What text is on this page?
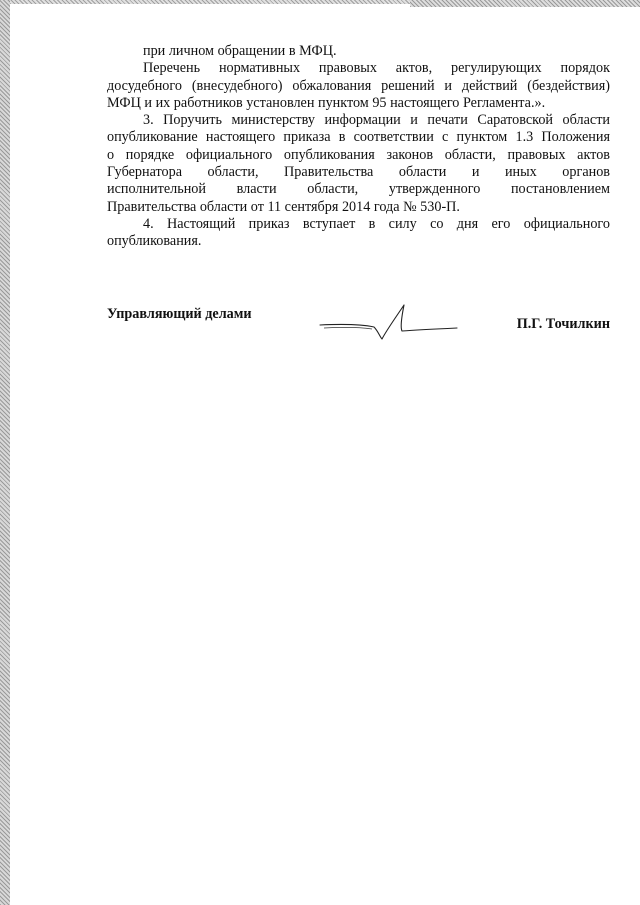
при личном обращении в МФЦ.
Перечень нормативных правовых актов, регулирующих порядок
досудебного (внесудебного) обжалования решений и действий (бездействия)
МФЦ и их работников установлен пунктом 95 настоящего Регламента.».
3. Поручить министерству информации и печати Саратовской области
опубликование настоящего приказа в соответствии с пунктом 1.3 Положения
о порядке официального опубликования законов области, правовых актов
Губернатора области, Правительства области и иных органов
исполнительной власти области, утвержденного постановлением
Правительства области от 11 сентября 2014 года № 530-П.
4. Настоящий приказ вступает в силу со дня его официального
опубликования.
Управляющий делами
П.Г. Точилкин
